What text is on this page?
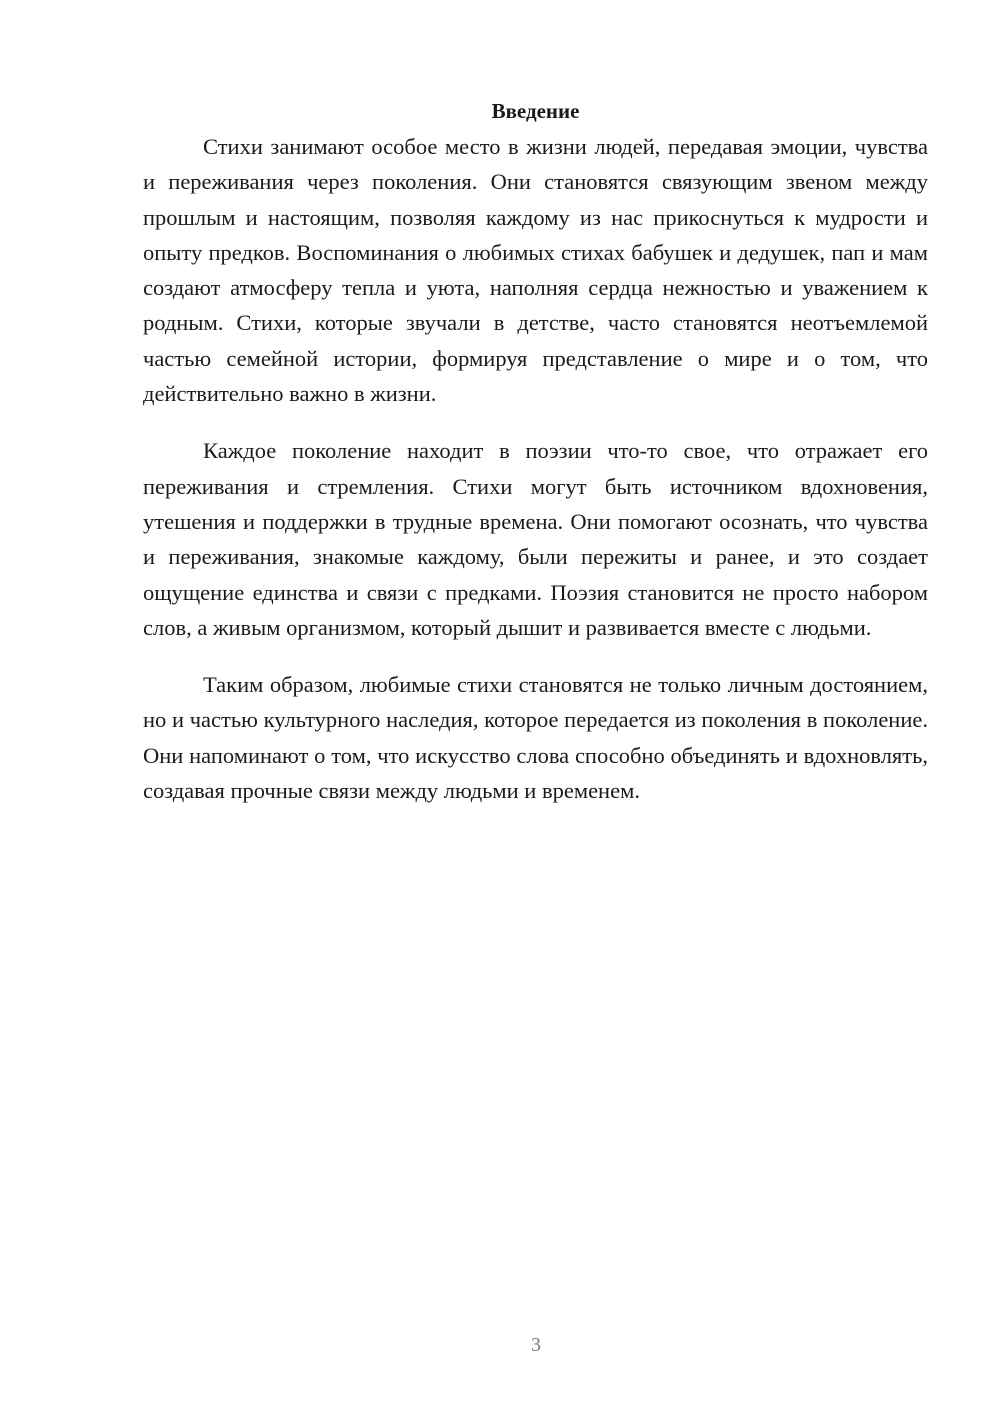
Введение

Стихи занимают особое место в жизни людей, передавая эмоции, чувства и переживания через поколения. Они становятся связующим звеном между прошлым и настоящим, позволяя каждому из нас прикоснуться к мудрости и опыту предков. Воспоминания о любимых стихах бабушек и дедушек, пап и мам создают атмосферу тепла и уюта, наполняя сердца нежностью и уважением к родным. Стихи, которые звучали в детстве, часто становятся неотъемлемой частью семейной истории, формируя представление о мире и о том, что действительно важно в жизни.

Каждое поколение находит в поэзии что-то свое, что отражает его переживания и стремления. Стихи могут быть источником вдохновения, утешения и поддержки в трудные времена. Они помогают осознать, что чувства и переживания, знакомые каждому, были пережиты и ранее, и это создает ощущение единства и связи с предками. Поэзия становится не просто набором слов, а живым организмом, который дышит и развивается вместе с людьми.

Таким образом, любимые стихи становятся не только личным достоянием, но и частью культурного наследия, которое передается из поколения в поколение. Они напоминают о том, что искусство слова способно объединять и вдохновлять, создавая прочные связи между людьми и временем.

3
